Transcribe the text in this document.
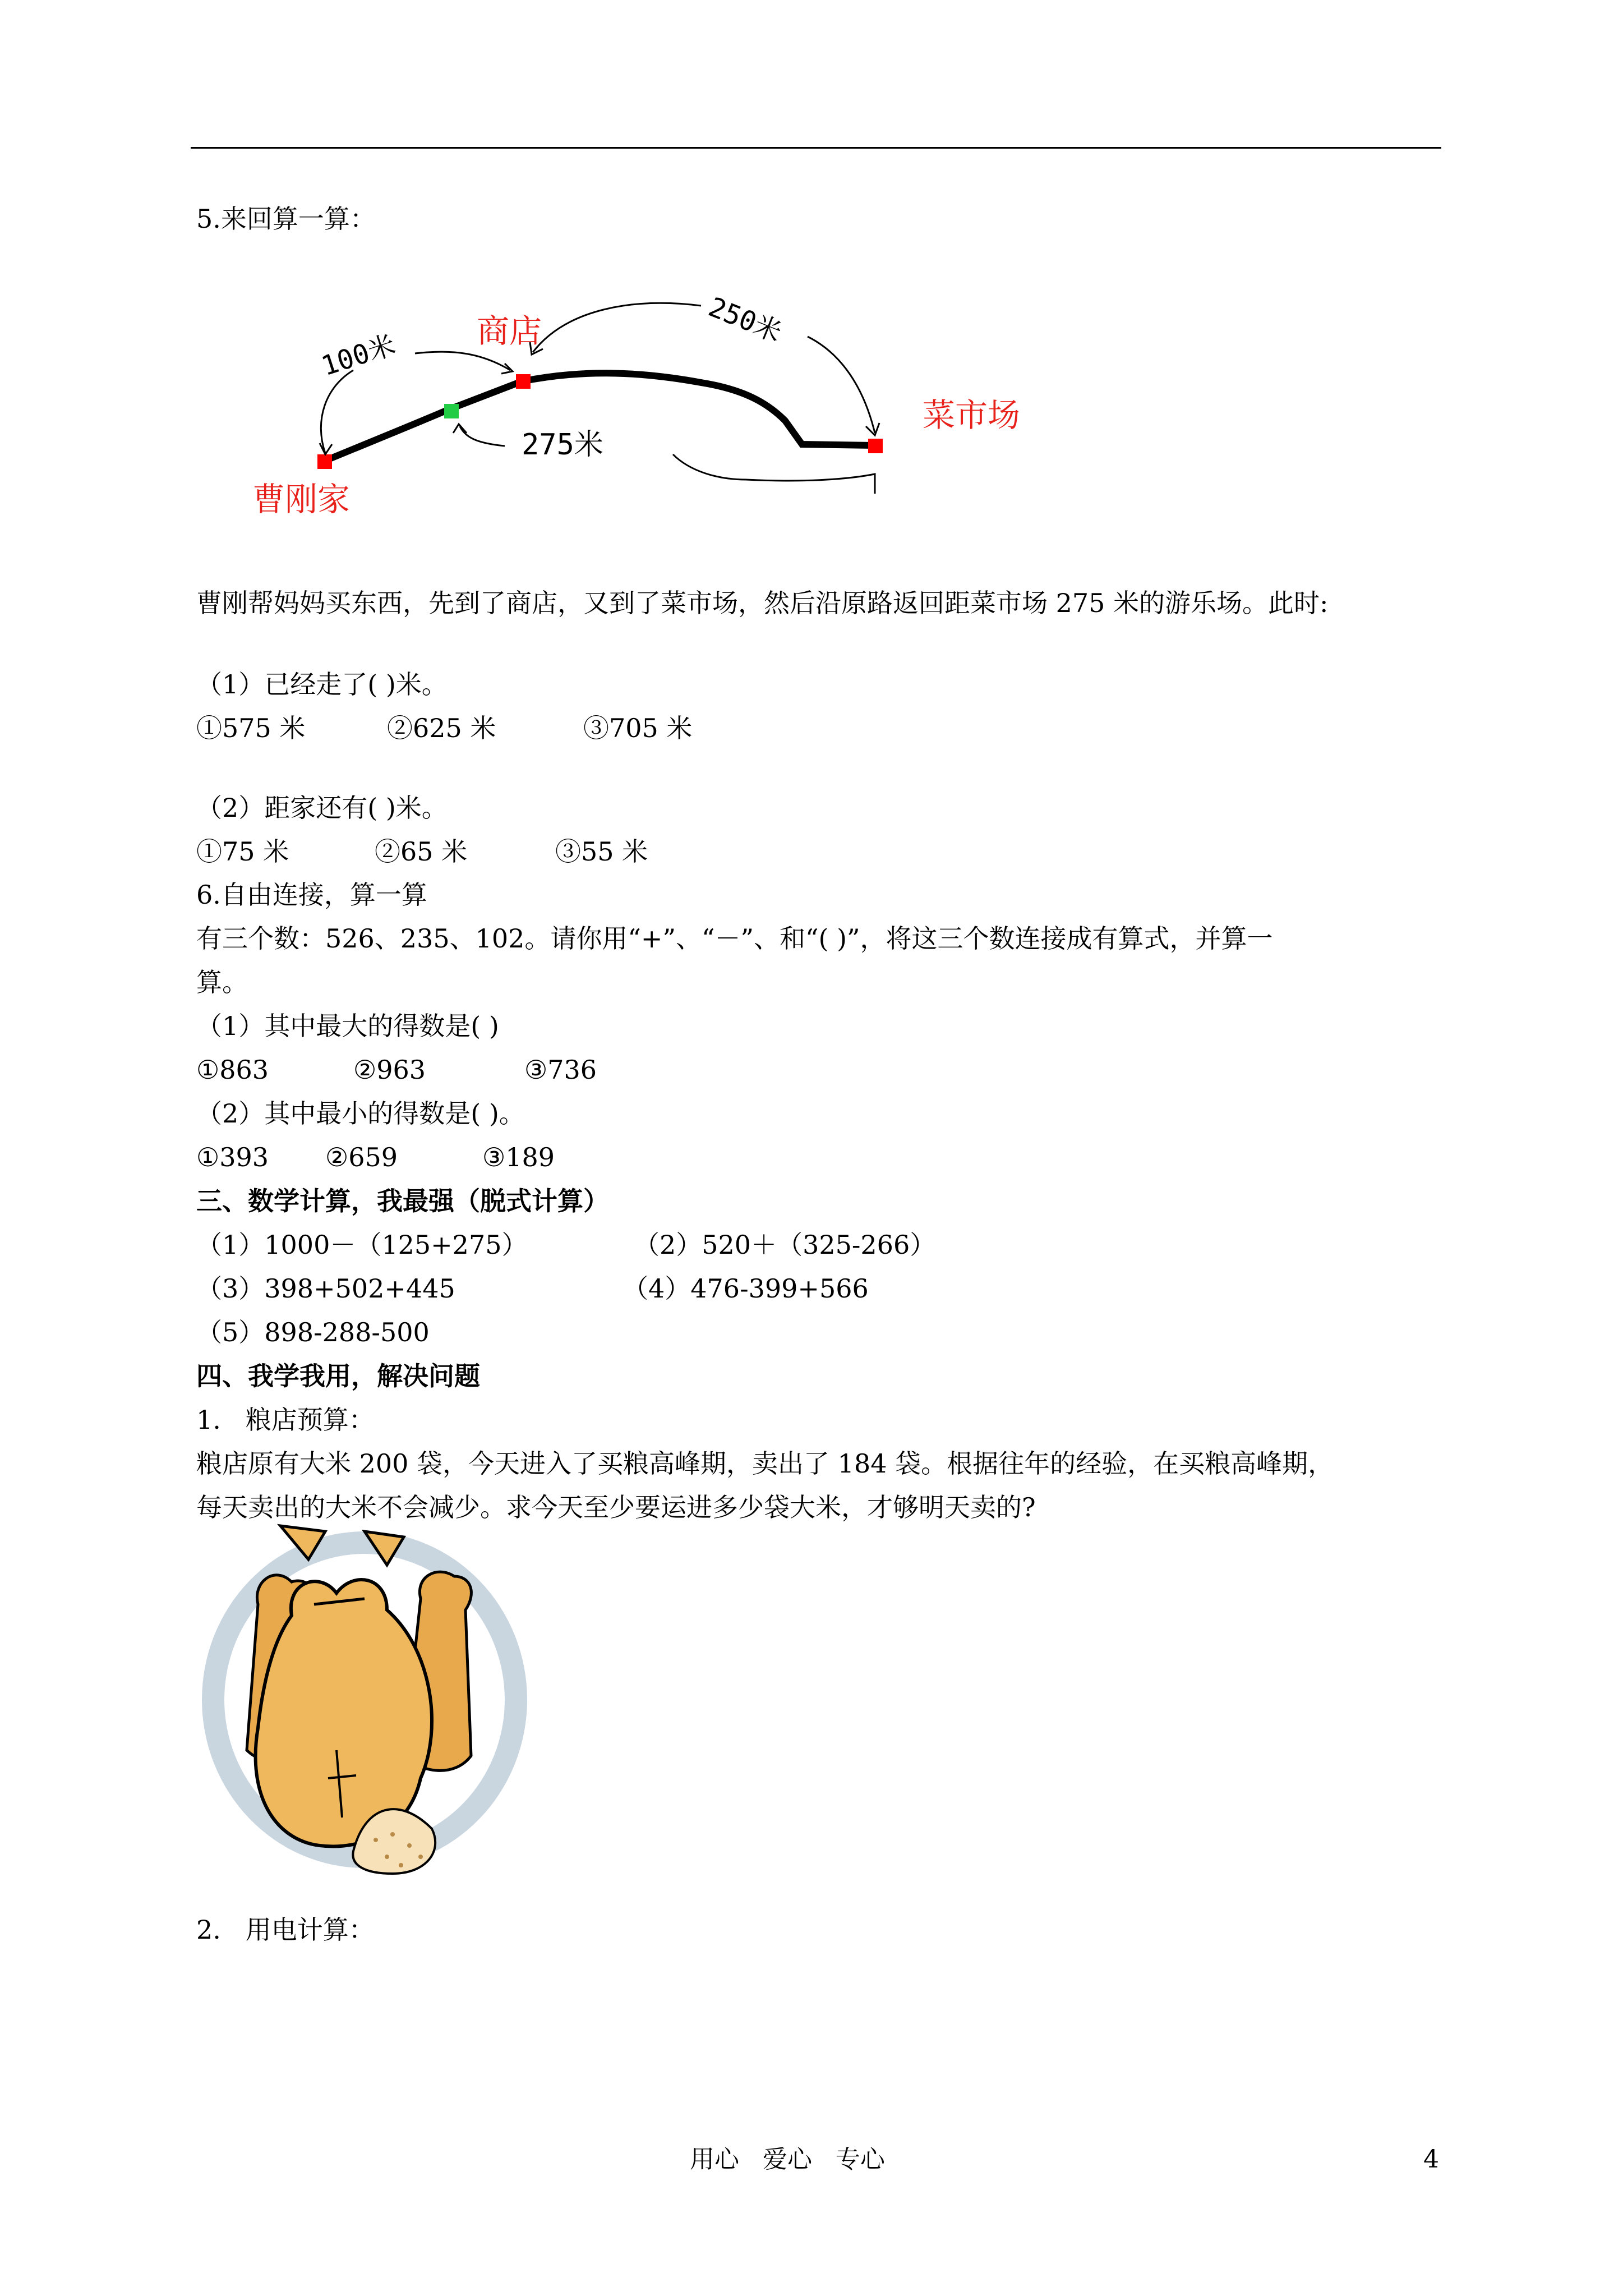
5.来回算一算：
曹刚家
商店
菜市场
100米
250米
275米
曹刚帮妈妈买东西，先到了商店，又到了菜市场，然后沿原路返回距菜市场 275 米的游乐场。此时:
（1）已经走了( )米。
①575 米	②625 米	③705 米
（2）距家还有( )米。
①75 米	②65 米	③55 米
6.自由连接，算一算
有三个数：526、235、102。请你用“+”、“－”、和“( )”，将这三个数连接成有算式，并算一
算。
（1）其中最大的得数是( )
①863	②963	③736
（2）其中最小的得数是( )。
①393 ②659	③189
三、数学计算，我最强（脱式计算）
（1）1000－（125+275）	（2）520＋（325-266）
（3）398+502+445	（4）476-399+566
（5）898-288-500
四、我学我用，解决问题
1.   粮店预算：
粮店原有大米 200 袋，今天进入了买粮高峰期，卖出了 184 袋。根据往年的经验，在买粮高峰期，
每天卖出的大米不会减少。求今天至少要运进多少袋大米，才够明天卖的?
2.   用电计算：
用心   爱心   专心	4
